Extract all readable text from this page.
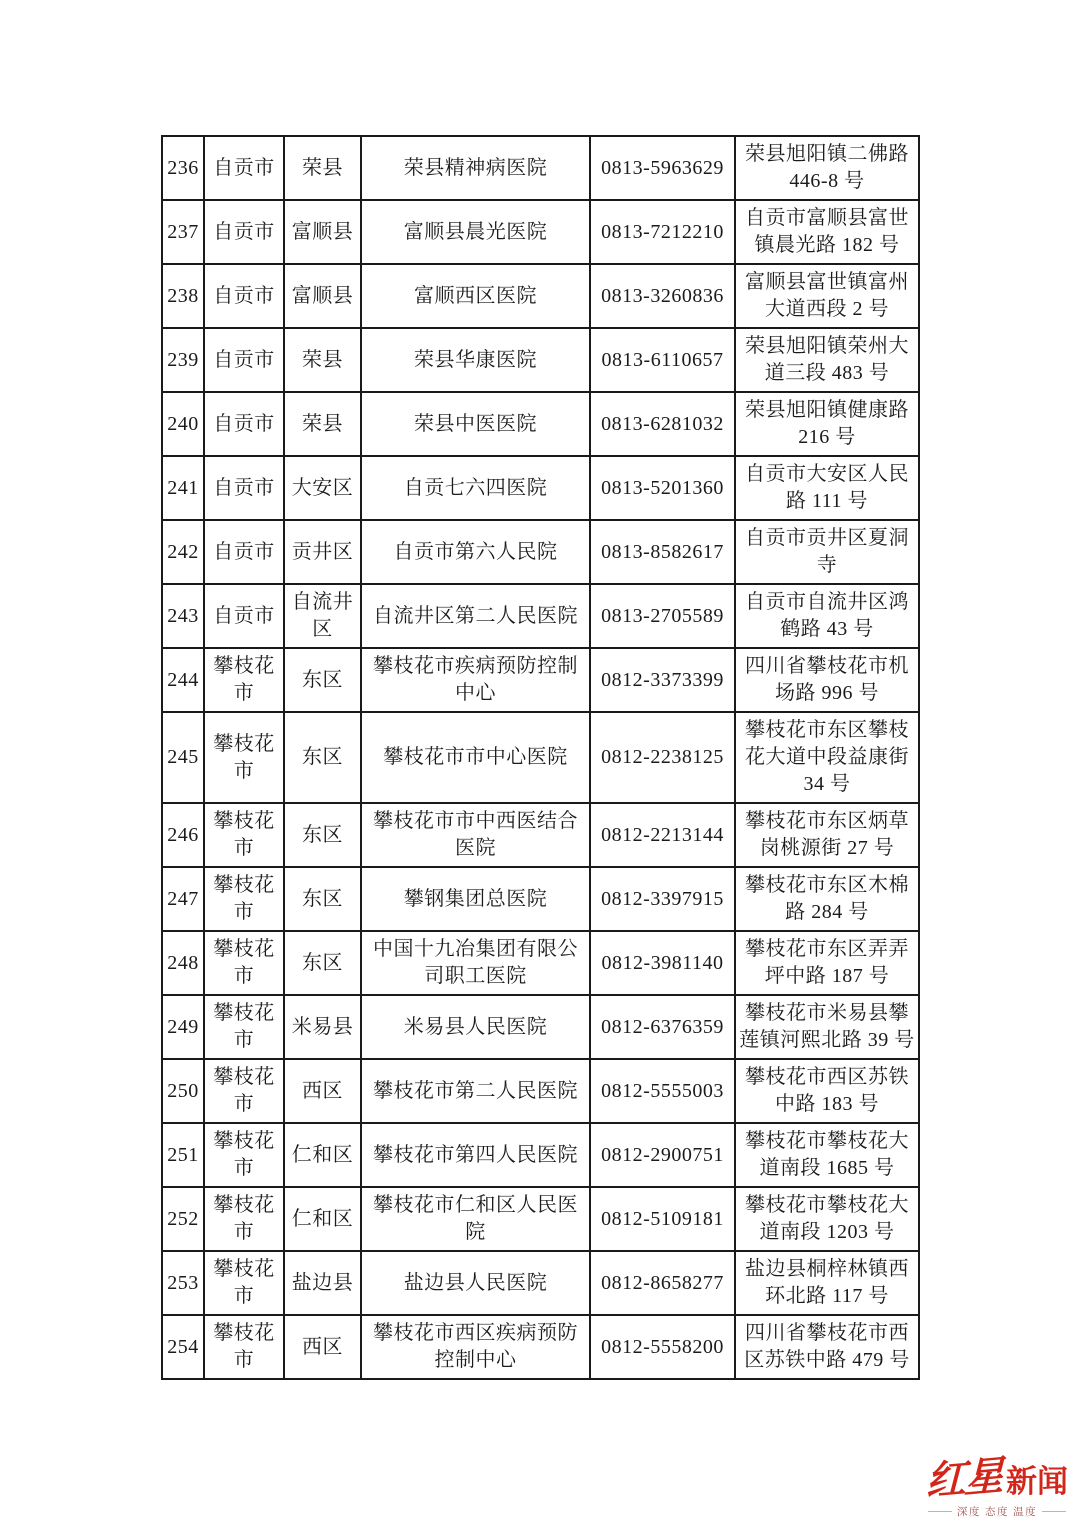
236	自贡市	荣县	荣县精神病医院	0813-5963629	荣县旭阳镇二佛路 446-8 号
237	自贡市	富顺县	富顺县晨光医院	0813-7212210	自贡市富顺县富世镇晨光路 182 号
238	自贡市	富顺县	富顺西区医院	0813-3260836	富顺县富世镇富州大道西段 2 号
239	自贡市	荣县	荣县华康医院	0813-6110657	荣县旭阳镇荣州大道三段 483 号
240	自贡市	荣县	荣县中医医院	0813-6281032	荣县旭阳镇健康路 216 号
241	自贡市	大安区	自贡七六四医院	0813-5201360	自贡市大安区人民路 111 号
242	自贡市	贡井区	自贡市第六人民院	0813-8582617	自贡市贡井区夏洞寺
243	自贡市	自流井区	自流井区第二人民医院	0813-2705589	自贡市自流井区鸿鹤路 43 号
244	攀枝花市	东区	攀枝花市疾病预防控制中心	0812-3373399	四川省攀枝花市机场路 996 号
245	攀枝花市	东区	攀枝花市市中心医院	0812-2238125	攀枝花市东区攀枝花大道中段益康街 34 号
246	攀枝花市	东区	攀枝花市市中西医结合医院	0812-2213144	攀枝花市东区炳草岗桃源街 27 号
247	攀枝花市	东区	攀钢集团总医院	0812-3397915	攀枝花市东区木棉路 284 号
248	攀枝花市	东区	中国十九冶集团有限公司职工医院	0812-3981140	攀枝花市东区弄弄坪中路 187 号
249	攀枝花市	米易县	米易县人民医院	0812-6376359	攀枝花市米易县攀莲镇河熙北路 39 号
250	攀枝花市	西区	攀枝花市第二人民医院	0812-5555003	攀枝花市西区苏铁中路 183 号
251	攀枝花市	仁和区	攀枝花市第四人民医院	0812-2900751	攀枝花市攀枝花大道南段 1685 号
252	攀枝花市	仁和区	攀枝花市仁和区人民医院	0812-5109181	攀枝花市攀枝花大道南段 1203 号
253	攀枝花市	盐边县	盐边县人民医院	0812-8658277	盐边县桐梓林镇西环北路 117 号
254	攀枝花市	西区	攀枝花市西区疾病预防控制中心	0812-5558200	四川省攀枝花市西区苏铁中路 479 号
红星 新闻
深度 态度 温度
